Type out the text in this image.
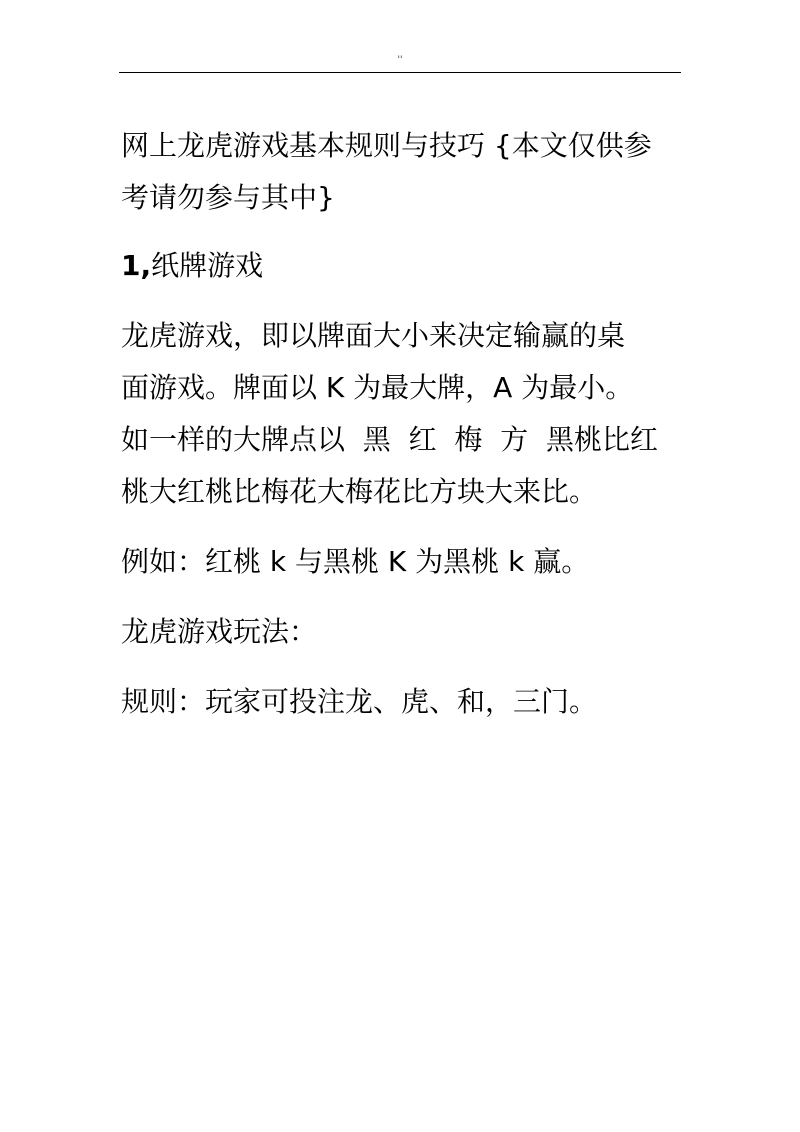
''

网上龙虎游戏基本规则与技巧 {本文仅供参

考请勿参与其中}

1,纸牌游戏

龙虎游戏，即以牌面大小来决定输赢的桌

面游戏。牌面以 K 为最大牌，A 为最小。

如一样的大牌点以  黑  红  梅  方  黑桃比红

桃大红桃比梅花大梅花比方块大来比。

例如：红桃 k 与黑桃 K 为黑桃 k 赢。

龙虎游戏玩法：

规则：玩家可投注龙、虎、和，三门。
